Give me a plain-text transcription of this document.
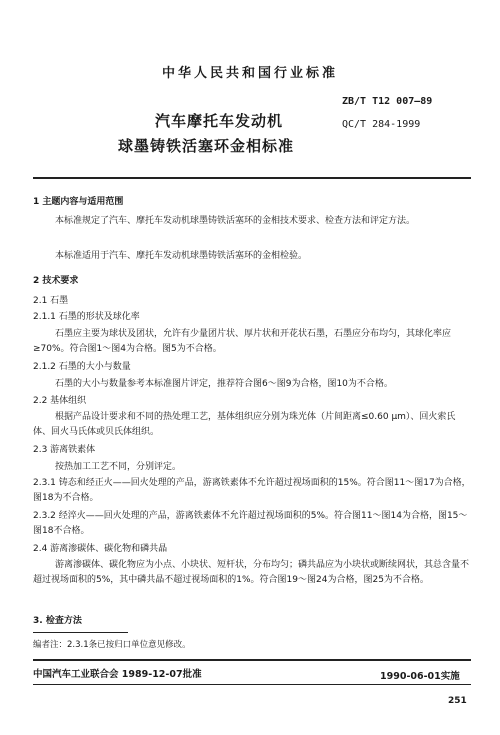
中华人民共和国行业标准
汽车摩托车发动机
球墨铸铁活塞环金相标准
ZB/T T12 007—89
QC/T 284-1999
1 主题内容与适用范围
本标准规定了汽车、摩托车发动机球墨铸铁活塞环的金相技术要求、检查方法和评定方法。
本标准适用于汽车、摩托车发动机球墨铸铁活塞环的金相检验。
2 技术要求
2.1 石墨
2.1.1 石墨的形状及球化率
石墨应主要为球状及团状，允许有少量团片状、厚片状和开花状石墨，石墨应分布均匀，其球化率应≥70%。符合图1～图4为合格。图5为不合格。
2.1.2 石墨的大小与数量
石墨的大小与数量参考本标准图片评定，推荐符合图6～图9为合格，图10为不合格。
2.2 基体组织
根据产品设计要求和不同的热处理工艺，基体组织应分别为珠光体（片间距离≤0.60 μm）、回火索氏体、回火马氏体或贝氏体组织。
2.3 游离铁素体
按热加工工艺不同，分别评定。
2.3.1 铸态和经正火——回火处理的产品，游离铁素体不允许超过视场面积的15%。符合图11～图17为合格，图18为不合格。
2.3.2 经淬火——回火处理的产品，游离铁素体不允许超过视场面积的5%。符合图11～图14为合格，图15～图18不合格。
2.4 游离渗碳体、碳化物和磷共晶
游离渗碳体、碳化物应为小点、小块状、短杆状，分布均匀；磷共晶应为小块状或断续网状，其总含量不超过视场面积的5%，其中磷共晶不超过视场面积的1%。符合图19～图24为合格，图25为不合格。
3. 检查方法
编者注：2.3.1条已按归口单位意见修改。
中国汽车工业联合会 1989-12-07批准	1990-06-01实施
251
